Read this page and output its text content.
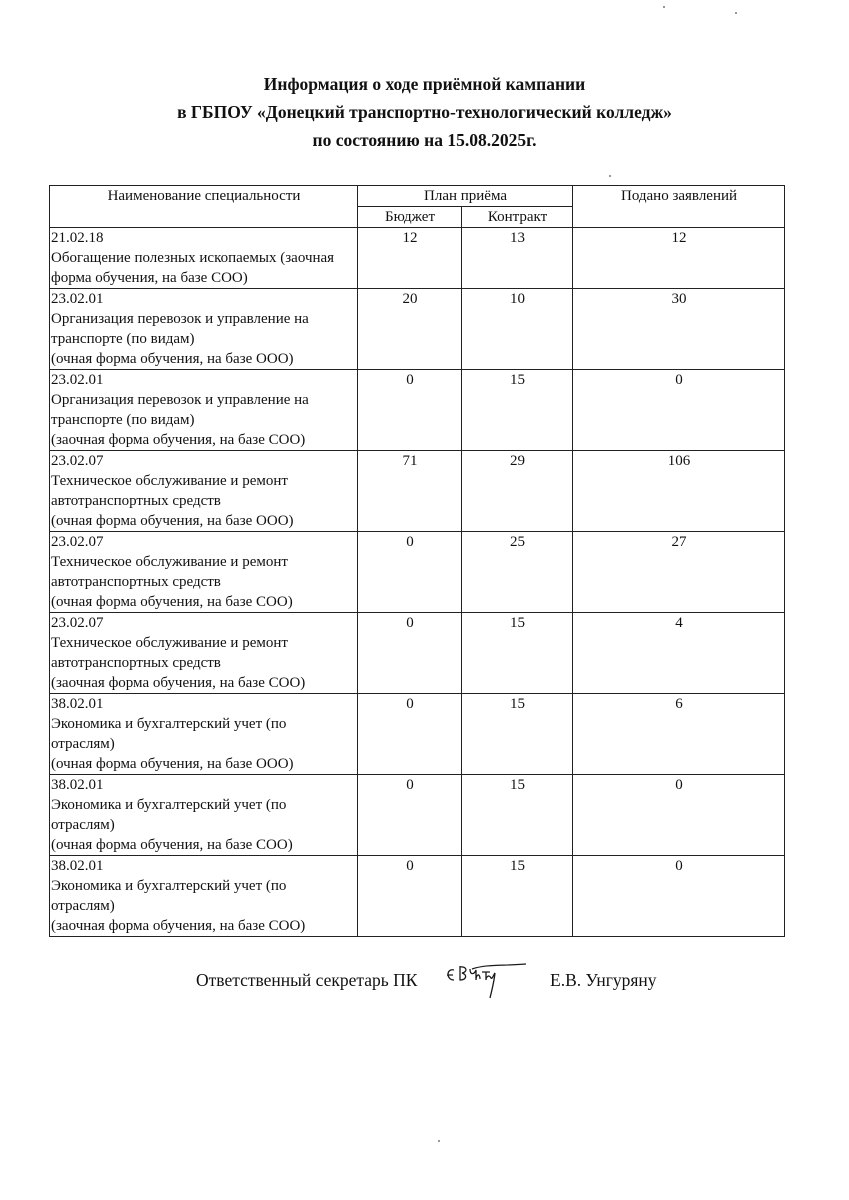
Информация о ходе приёмной кампании
в ГБПОУ «Донецкий транспортно-технологический колледж»
по состоянию на 15.08.2025г.
Наименование специальности	План приёма		Подано заявлений
	Бюджет	Контракт	

21.02.18
Обогащение полезных ископаемых (заочная
форма обучения, на базе СОО)	12	13	12

23.02.01
Организация перевозок и управление на
транспорте (по видам)
(очная форма обучения, на базе ООО)	20	10	30

23.02.01
Организация перевозок и управление на
транспорте (по видам)
(заочная форма обучения, на базе СОО)	0	15	0

23.02.07
Техническое обслуживание и ремонт
автотранспортных средств
(очная форма обучения, на базе ООО)	71	29	106

23.02.07
Техническое обслуживание и ремонт
автотранспортных средств
(очная форма обучения, на базе СОО)	0	25	27

23.02.07
Техническое обслуживание и ремонт
автотранспортных средств
(заочная форма обучения, на базе СОО)	0	15	4

38.02.01
Экономика и бухгалтерский учет (по
отраслям)
(очная форма обучения, на базе ООО)	0	15	6

38.02.01
Экономика и бухгалтерский учет (по
отраслям)
(очная форма обучения, на базе СОО)	0	15	0

38.02.01
Экономика и бухгалтерский учет (по
отраслям)
(заочная форма обучения, на базе СОО)	0	15	0
Ответственный секретарь ПК	Е.В. Унгуряну
